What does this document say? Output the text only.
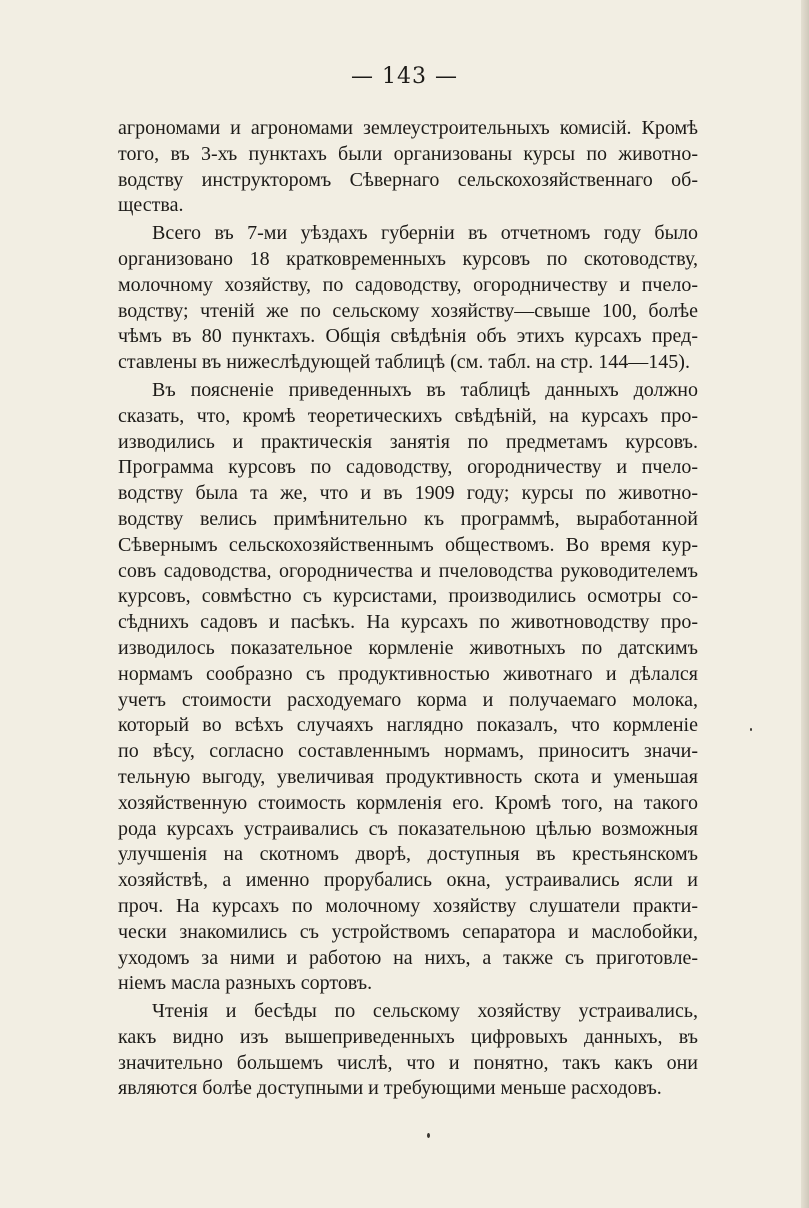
— 143 —
агрономами и агрономами землеустроительныхъ комисій. Кромѣ
того, въ 3-хъ пунктахъ были организованы курсы по животно-
водству инструкторомъ Сѣвернаго сельскохозяйственнаго об-
щества.
Всего въ 7-ми уѣздахъ губерніи въ отчетномъ году было
организовано 18 кратковременныхъ курсовъ по скотоводству,
молочному хозяйству, по садоводству, огородничеству и пчело-
водству; чтеній же по сельскому хозяйству—свыше 100, болѣе
чѣмъ въ 80 пунктахъ. Общія свѣдѣнія объ этихъ курсахъ пред-
ставлены въ нижеслѣдующей таблицѣ (см. табл. на стр. 144—145).
Въ поясненіе приведенныхъ въ таблицѣ данныхъ должно
сказать, что, кромѣ теоретическихъ свѣдѣній, на курсахъ про-
изводились и практическія занятія по предметамъ курсовъ.
Программа курсовъ по садоводству, огородничеству и пчело-
водству была та же, что и въ 1909 году; курсы по животно-
водству велись примѣнительно къ программѣ, выработанной
Сѣвернымъ сельскохозяйственнымъ обществомъ. Во время кур-
совъ садоводства, огородничества и пчеловодства руководителемъ
курсовъ, совмѣстно съ курсистами, производились осмотры со-
сѣднихъ садовъ и пасѣкъ. На курсахъ по животноводству про-
изводилось показательное кормленіе животныхъ по датскимъ
нормамъ сообразно съ продуктивностью животнаго и дѣлался
учетъ стоимости расходуемаго корма и получаемаго молока,
который во всѣхъ случаяхъ наглядно показалъ, что кормленіе
по вѣсу, согласно составленнымъ нормамъ, приноситъ значи-
тельную выгоду, увеличивая продуктивность скота и уменьшая
хозяйственную стоимость кормленія его. Кромѣ того, на такого
рода курсахъ устраивались съ показательною цѣлью возможныя
улучшенія на скотномъ дворѣ, доступныя въ крестьянскомъ
хозяйствѣ, а именно прорубались окна, устраивались ясли и
проч. На курсахъ по молочному хозяйству слушатели практи-
чески знакомились съ устройствомъ сепаратора и маслобойки,
уходомъ за ними и работою на нихъ, а также съ приготовле-
ніемъ масла разныхъ сортовъ.
Чтенія и бесѣды по сельскому хозяйству устраивались,
какъ видно изъ вышеприведенныхъ цифровыхъ данныхъ, въ
значительно большемъ числѣ, что и понятно, такъ какъ они
являются болѣе доступными и требующими меньше расходовъ.
